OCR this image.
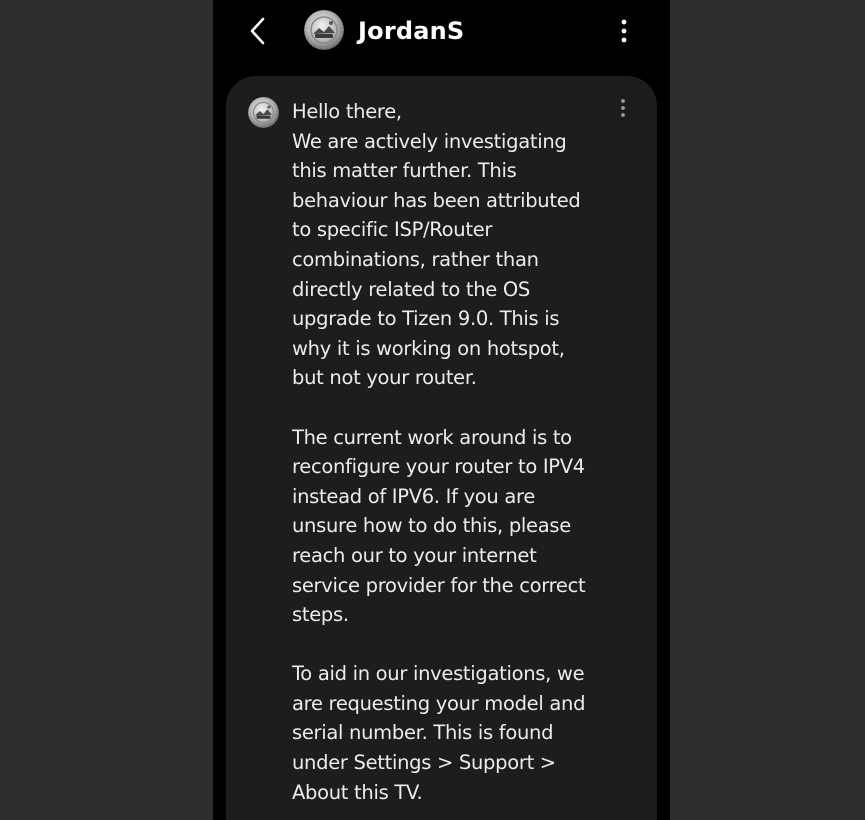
JordanS

Hello there,

We are actively investigating

this matter further. This

behaviour has been attributed

to specific ISP/Router

combinations, rather than

directly related to the OS

upgrade to Tizen 9.0. This is

why it is working on hotspot,

but not your router.

The current work around is to

reconfigure your router to IPV4

instead of IPV6. If you are

unsure how to do this, please

reach our to your internet

service provider for the correct

steps.

To aid in our investigations, we

are requesting your model and

serial number. This is found

under Settings > Support >

About this TV.
